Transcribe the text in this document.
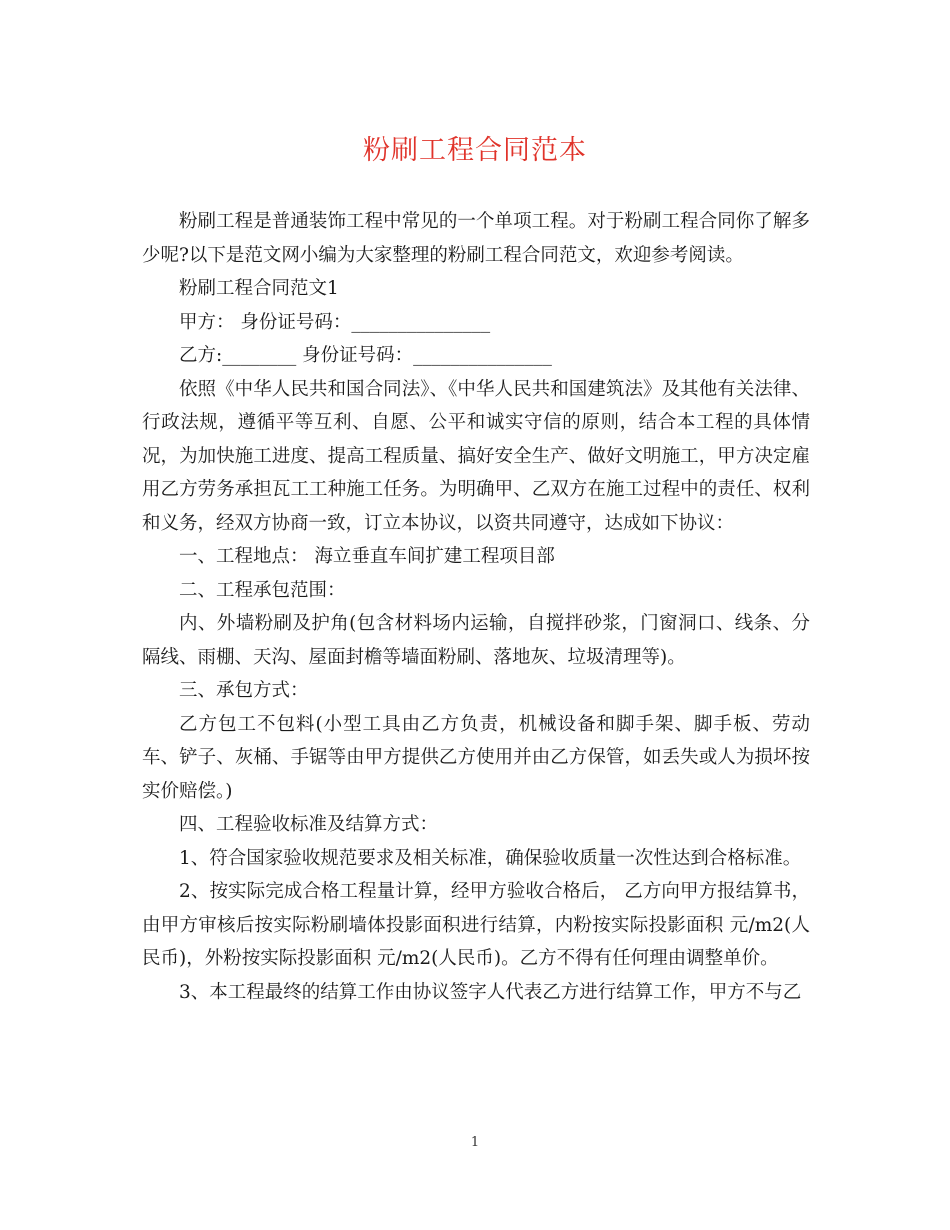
粉刷工程合同范本

粉刷工程是普通装饰工程中常见的一个单项工程。对于粉刷工程合同你了解多少呢?以下是范文网小编为大家整理的粉刷工程合同范文，欢迎参考阅读。

粉刷工程合同范文1

甲方： 身份证号码：_______________

乙方:________ 身份证号码：_______________

依照《中华人民共和国合同法》、《中华人民共和国建筑法》及其他有关法律、行政法规，遵循平等互利、自愿、公平和诚实守信的原则，结合本工程的具体情况，为加快施工进度、提高工程质量、搞好安全生产、做好文明施工，甲方决定雇用乙方劳务承担瓦工工种施工任务。为明确甲、乙双方在施工过程中的责任、权利和义务，经双方协商一致，订立本协议，以资共同遵守，达成如下协议：

一、工程地点： 海立垂直车间扩建工程项目部

二、工程承包范围：

内、外墙粉刷及护角(包含材料场内运输，自搅拌砂浆，门窗洞口、线条、分隔线、雨棚、天沟、屋面封檐等墙面粉刷、落地灰、垃圾清理等)。

三、承包方式：

乙方包工不包料(小型工具由乙方负责，机械设备和脚手架、脚手板、劳动车、铲子、灰桶、手锯等由甲方提供乙方使用并由乙方保管，如丢失或人为损坏按实价赔偿。)

四、工程验收标准及结算方式：

1、符合国家验收规范要求及相关标准，确保验收质量一次性达到合格标准。

2、按实际完成合格工程量计算，经甲方验收合格后， 乙方向甲方报结算书，由甲方审核后按实际粉刷墙体投影面积进行结算，内粉按实际投影面积 元/m2(人民币)，外粉按实际投影面积 元/m2(人民币)。乙方不得有任何理由调整单价。

3、本工程最终的结算工作由协议签字人代表乙方进行结算工作，甲方不与乙

1
